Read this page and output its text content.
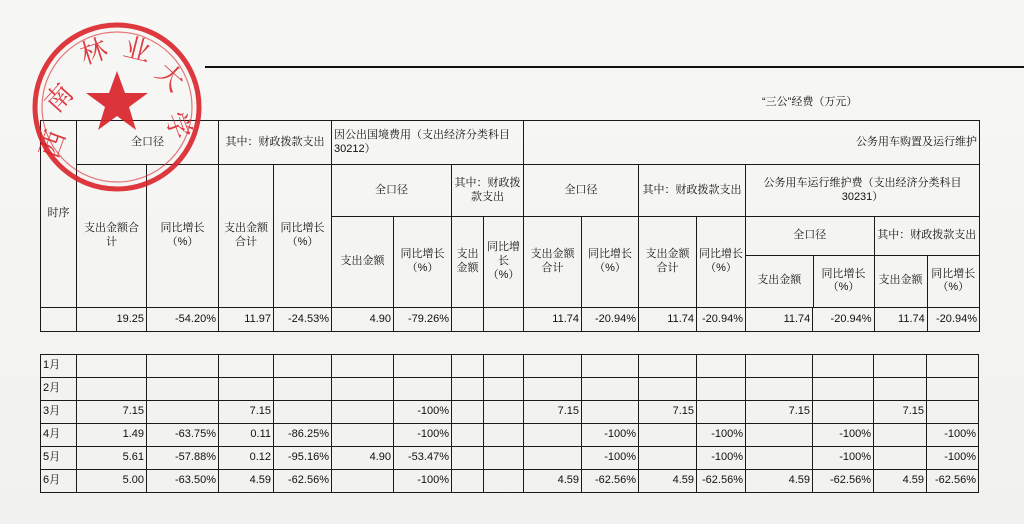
“三公”经费（万元）
时序	全口径	其中：财政拨款支出	因公出国境费用（支出经济分类科目30212）	公务用车购置及运行维护
支出金额合计	同比增长（%）	支出金额合计	同比增长（%）	全口径	其中：财政拨款支出	全口径	其中：财政拨款支出	公务用车运行维护费（支出经济分类科目30231）
支出金额	同比增长（%）	支出金额	同比增长（%）	支出金额合计	同比增长（%）	支出金额合计	同比增长（%）	
全口径	其中：财政拨款支出
支出金额	同比增长（%）	支出金额	同比增长（%）

	19.25	-54.20%	11.97	-24.53%	4.90	-79.26%			11.74	-20.94%	11.74	-20.94%	11.74	-20.94%	11.74	-20.94%
1月																
2月																
3月	7.15		7.15			-100%			7.15		7.15		7.15		7.15	
4月	1.49	-63.75%	0.11	-86.25%		-100%				-100%		-100%		-100%		-100%
5月	5.61	-57.88%	0.12	-95.16%	4.90	-53.47%				-100%		-100%		-100%		-100%
6月	5.00	-63.50%	4.59	-62.56%		-100%			4.59	-62.56%	4.59	-62.56%	4.59	-62.56%	4.59	-62.56%
西
南
林 业
大
学
